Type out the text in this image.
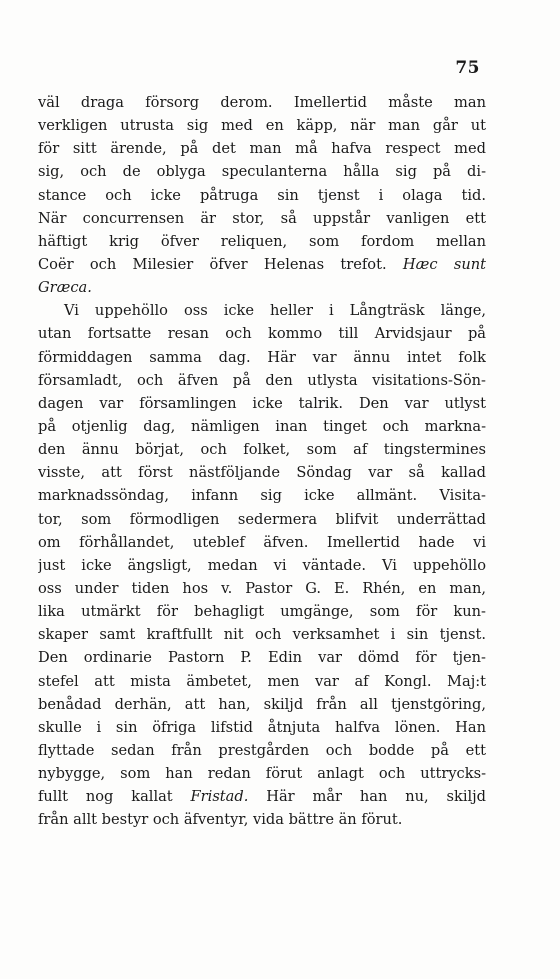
75
väl draga försorg derom. Imellertid måste man
verkligen utrusta sig med en käpp, när man går ut
för sitt ärende, på det man må hafva respect med
sig, och de oblyga speculanterna hålla sig på di-
stance och icke påtruga sin tjenst i olaga tid.
När concurrensen är stor, så uppstår vanligen ett
häftigt krig öfver reliquen, som fordom mellan
Coër och Milesier öfver Helenas trefot. Hæc sunt
Græca.
Vi uppehöllo oss icke heller i Långträsk länge,
utan fortsatte resan och kommo till Arvidsjaur på
förmiddagen samma dag. Här var ännu intet folk
församladt, och äfven på den utlysta visitations-Sön-
dagen var församlingen icke talrik. Den var utlyst
på otjenlig dag, nämligen inan tinget och markna-
den ännu börjat, och folket, som af tingstermines
visste, att först nästföljande Söndag var så kallad
marknadssöndag, infann sig icke allmänt. Visita-
tor, som förmodligen sedermera blifvit underrättad
om förhållandet, uteblef äfven. Imellertid hade vi
just icke ängsligt, medan vi väntade. Vi uppehöllo
oss under tiden hos v. Pastor G. E. Rhén, en man,
lika utmärkt för behagligt umgänge, som för kun-
skaper samt kraftfullt nit och verksamhet i sin tjenst.
Den ordinarie Pastorn P. Edin var dömd för tjen-
stefel att mista ämbetet, men var af Kongl. Maj:t
benådad derhän, att han, skiljd från all tjenstgöring,
skulle i sin öfriga lifstid åtnjuta halfva lönen. Han
flyttade sedan från prestgården och bodde på ett
nybygge, som han redan förut anlagt och uttrycks-
fullt nog kallat Fristad. Här mår han nu, skiljd
från allt bestyr och äfventyr, vida bättre än förut.
